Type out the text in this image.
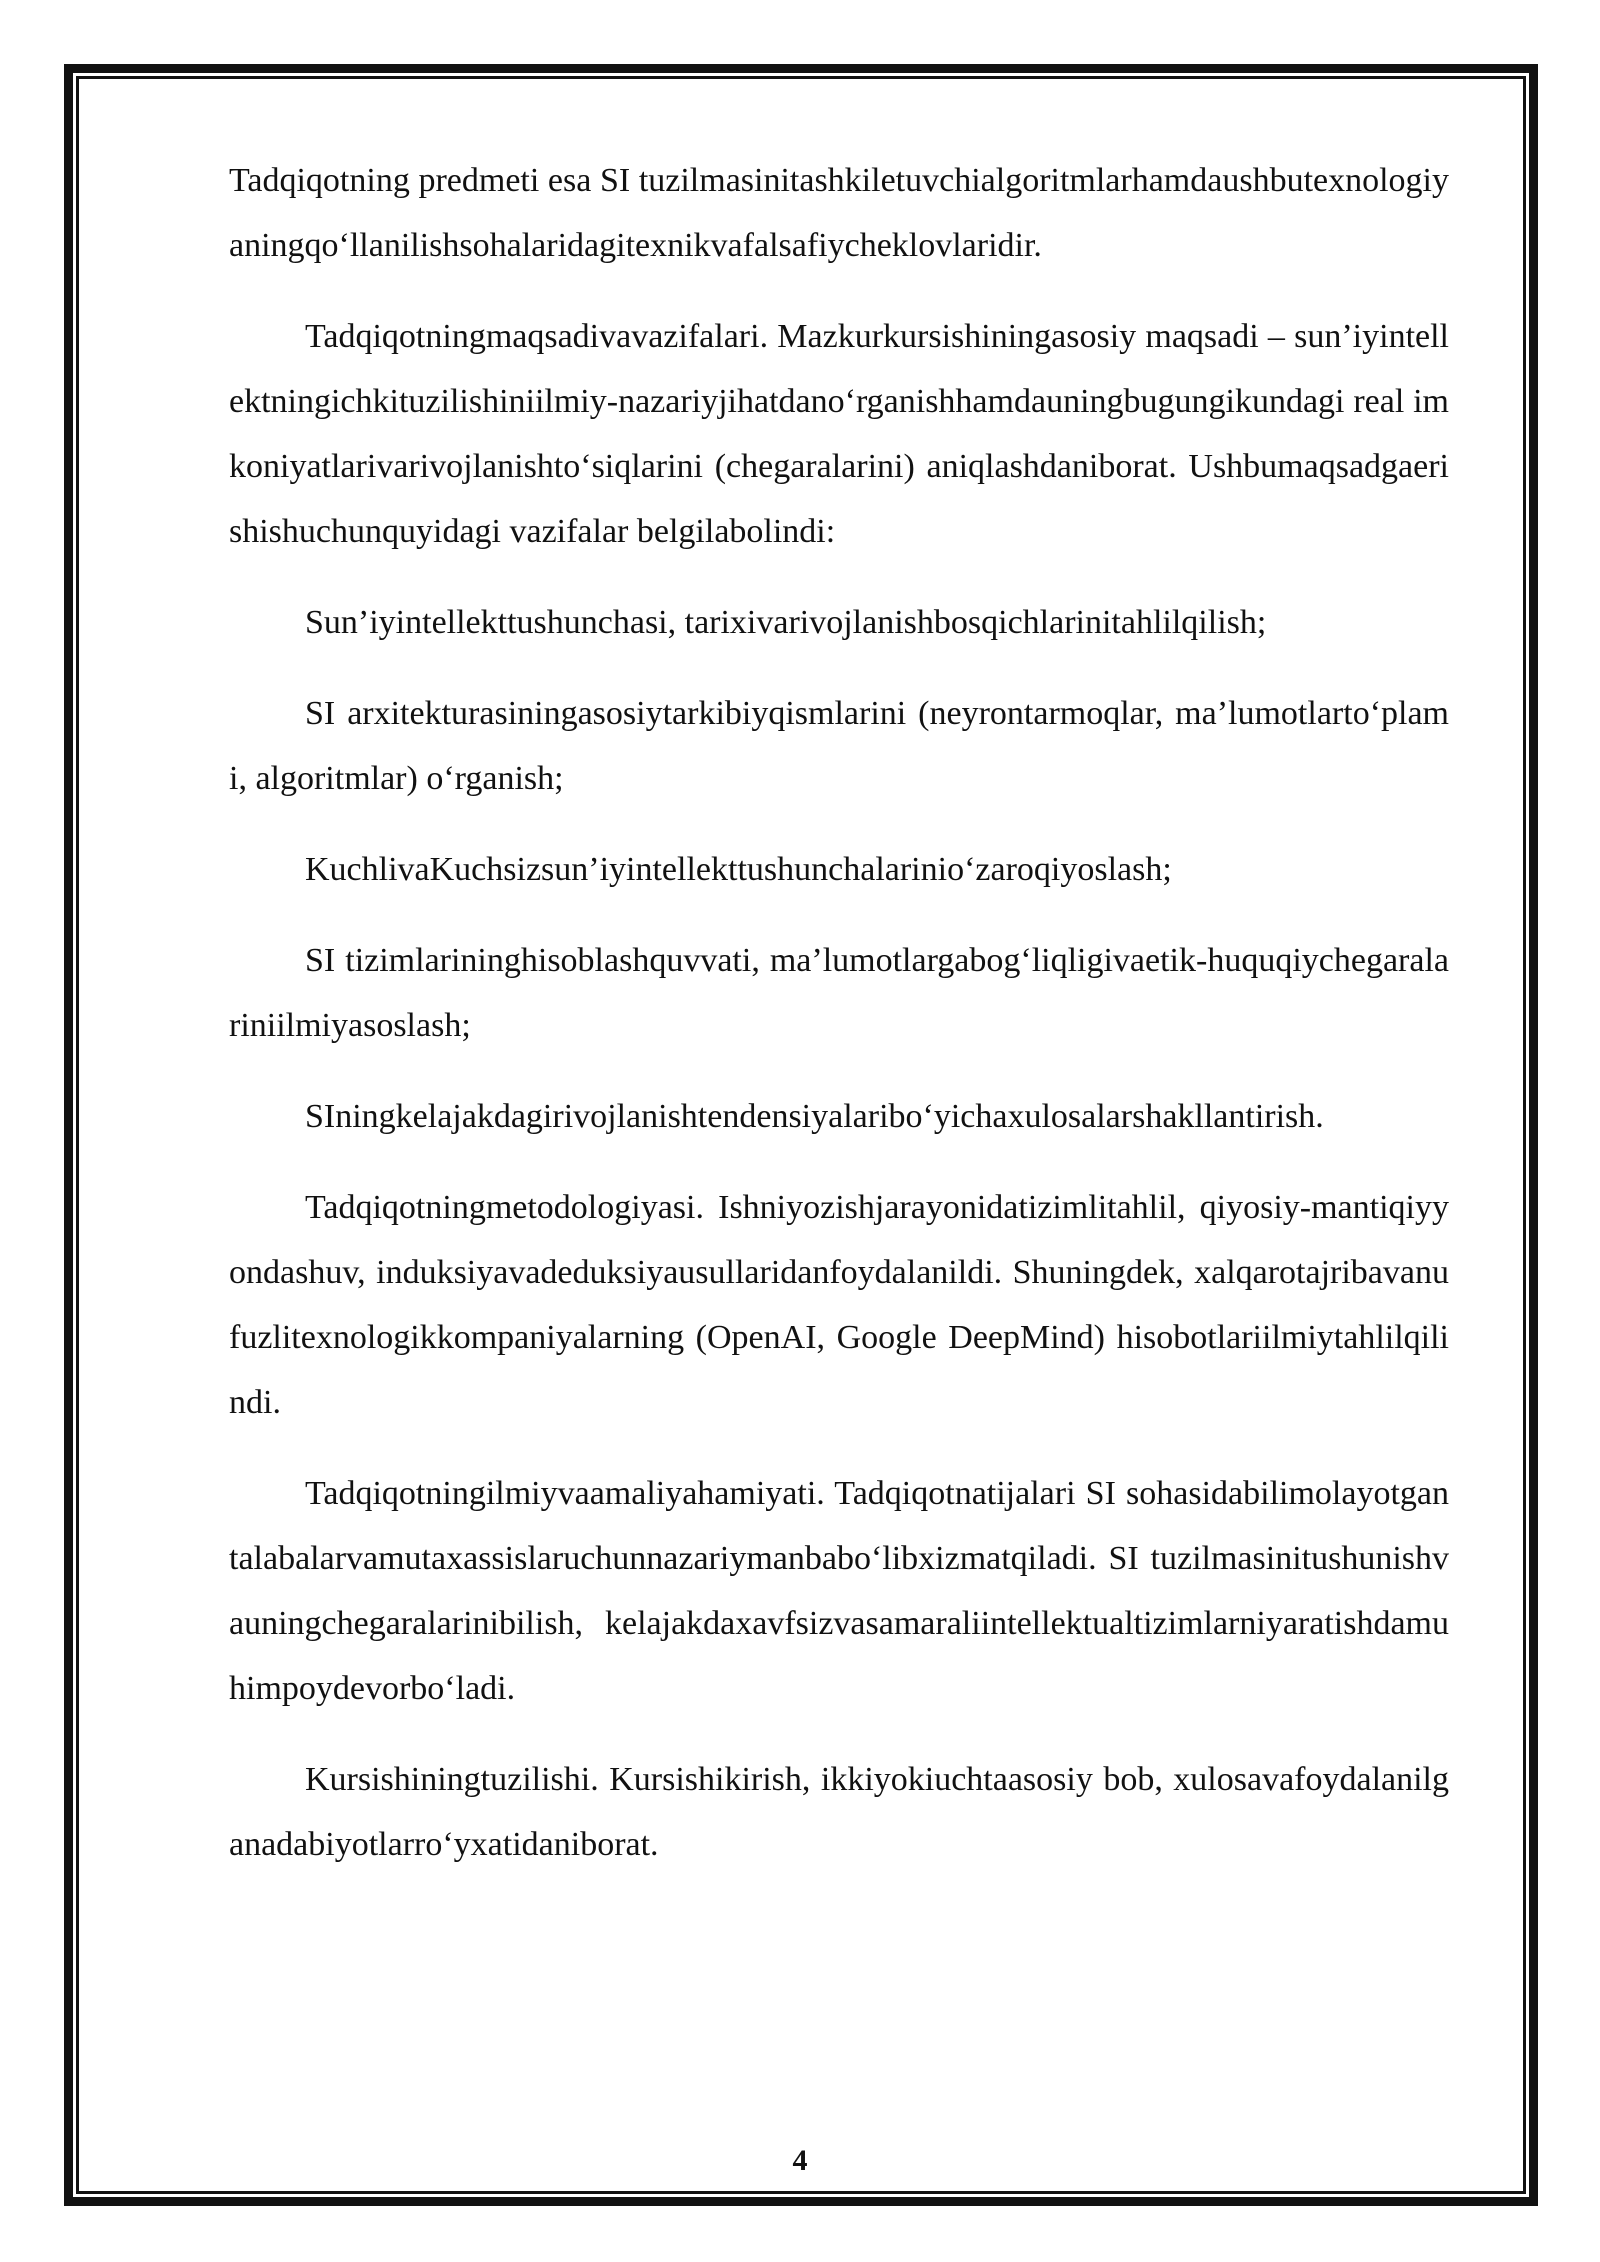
Tadqiqotning predmeti esa SI tuzilmasinitashkiletuvchialgoritmlarhamdaushbutexnologiyaningqo‘llanilishsohalaridagitexnikvafalsafiycheklovlaridir.

Tadqiqotningmaqsadivavazifalari. Mazkurkursishiningasosiy maqsadi – sun’iyintellektningichkituzilishiniilmiy-nazariyjihatdano‘rganishhamdauningbugungikundagi real imkoniyatlarivarivojlanishto‘siqlarini (chegaralarini) aniqlashdaniborat. Ushbumaqsadgaerishishuchunquyidagi vazifalar belgilabolindi:

Sun’iyintellekttushunchasi, tarixivarivojlanishbosqichlarinitahlilqilish;

SI arxitekturasiningasosiytarkibiyqismlarini (neyrontarmoqlar, ma’lumotlarto‘plami, algoritmlar) o‘rganish;

KuchlivaKuchsizsun’iyintellekttushunchalarinio‘zaroqiyoslash;

SI tizimlarininghisoblashquvvati, ma’lumotlargabog‘liqligivaetik-huquqiychegaralariniilmiyasoslash;

SIningkelajakdagirivojlanishtendensiyalaribo‘yichaxulosalarshakllantirish.

Tadqiqotningmetodologiyasi. Ishniyozishjarayonidatizimlitahlil, qiyosiy-mantiqiyyondashuv, induksiyavadeduksiyausullaridanfoydalanildi. Shuningdek, xalqarotajribavanufuzlitexnologikkompaniyalarning (OpenAI, Google DeepMind) hisobotlariilmiytahlilqilindi.

Tadqiqotningilmiyvaamaliyahamiyati. Tadqiqotnatijalari SI sohasidabilimolayotgantalabalarvamutaxassislaruchunnazariymanbabo‘libxizmatqiladi. SI tuzilmasinitushunishvauningchegaralarinibilish, kelajakdaxavfsizvasamaraliintellektualtizimlarniyaratishdamuhimpoydevorbo‘ladi.

Kursishiningtuzilishi. Kursishikirish, ikkiyokiuchtaasosiy bob, xulosavafoydalanilganadabiyotlarro‘yxatidaniborat.

4
